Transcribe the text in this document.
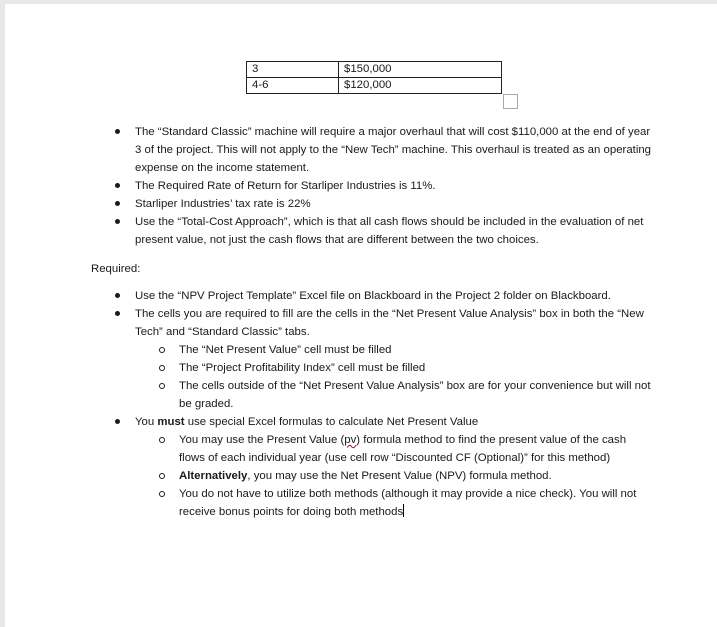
3	$150,000
4-6	$120,000
The “Standard Classic” machine will require a major overhaul that will cost $110,000 at the end of year 3 of the project. This will not apply to the “New Tech” machine. This overhaul is treated as an operating expense on the income statement.
The Required Rate of Return for Starliper Industries is 11%.
Starliper Industries’ tax rate is 22%
Use the “Total-Cost Approach”, which is that all cash flows should be included in the evaluation of net present value, not just the cash flows that are different between the two choices.
Required:
Use the “NPV Project Template” Excel file on Blackboard in the Project 2 folder on Blackboard.
The cells you are required to fill are the cells in the “Net Present Value Analysis” box in both the “New Tech” and “Standard Classic” tabs.
The “Net Present Value” cell must be filled
The “Project Profitability Index” cell must be filled
The cells outside of the “Net Present Value Analysis” box are for your convenience but will not be graded.
You must use special Excel formulas to calculate Net Present Value
You may use the Present Value (pv) formula method to find the present value of the cash flows of each individual year (use cell row “Discounted CF (Optional)” for this method)
Alternatively, you may use the Net Present Value (NPV) formula method.
You do not have to utilize both methods (although it may provide a nice check). You will not receive bonus points for doing both methods
